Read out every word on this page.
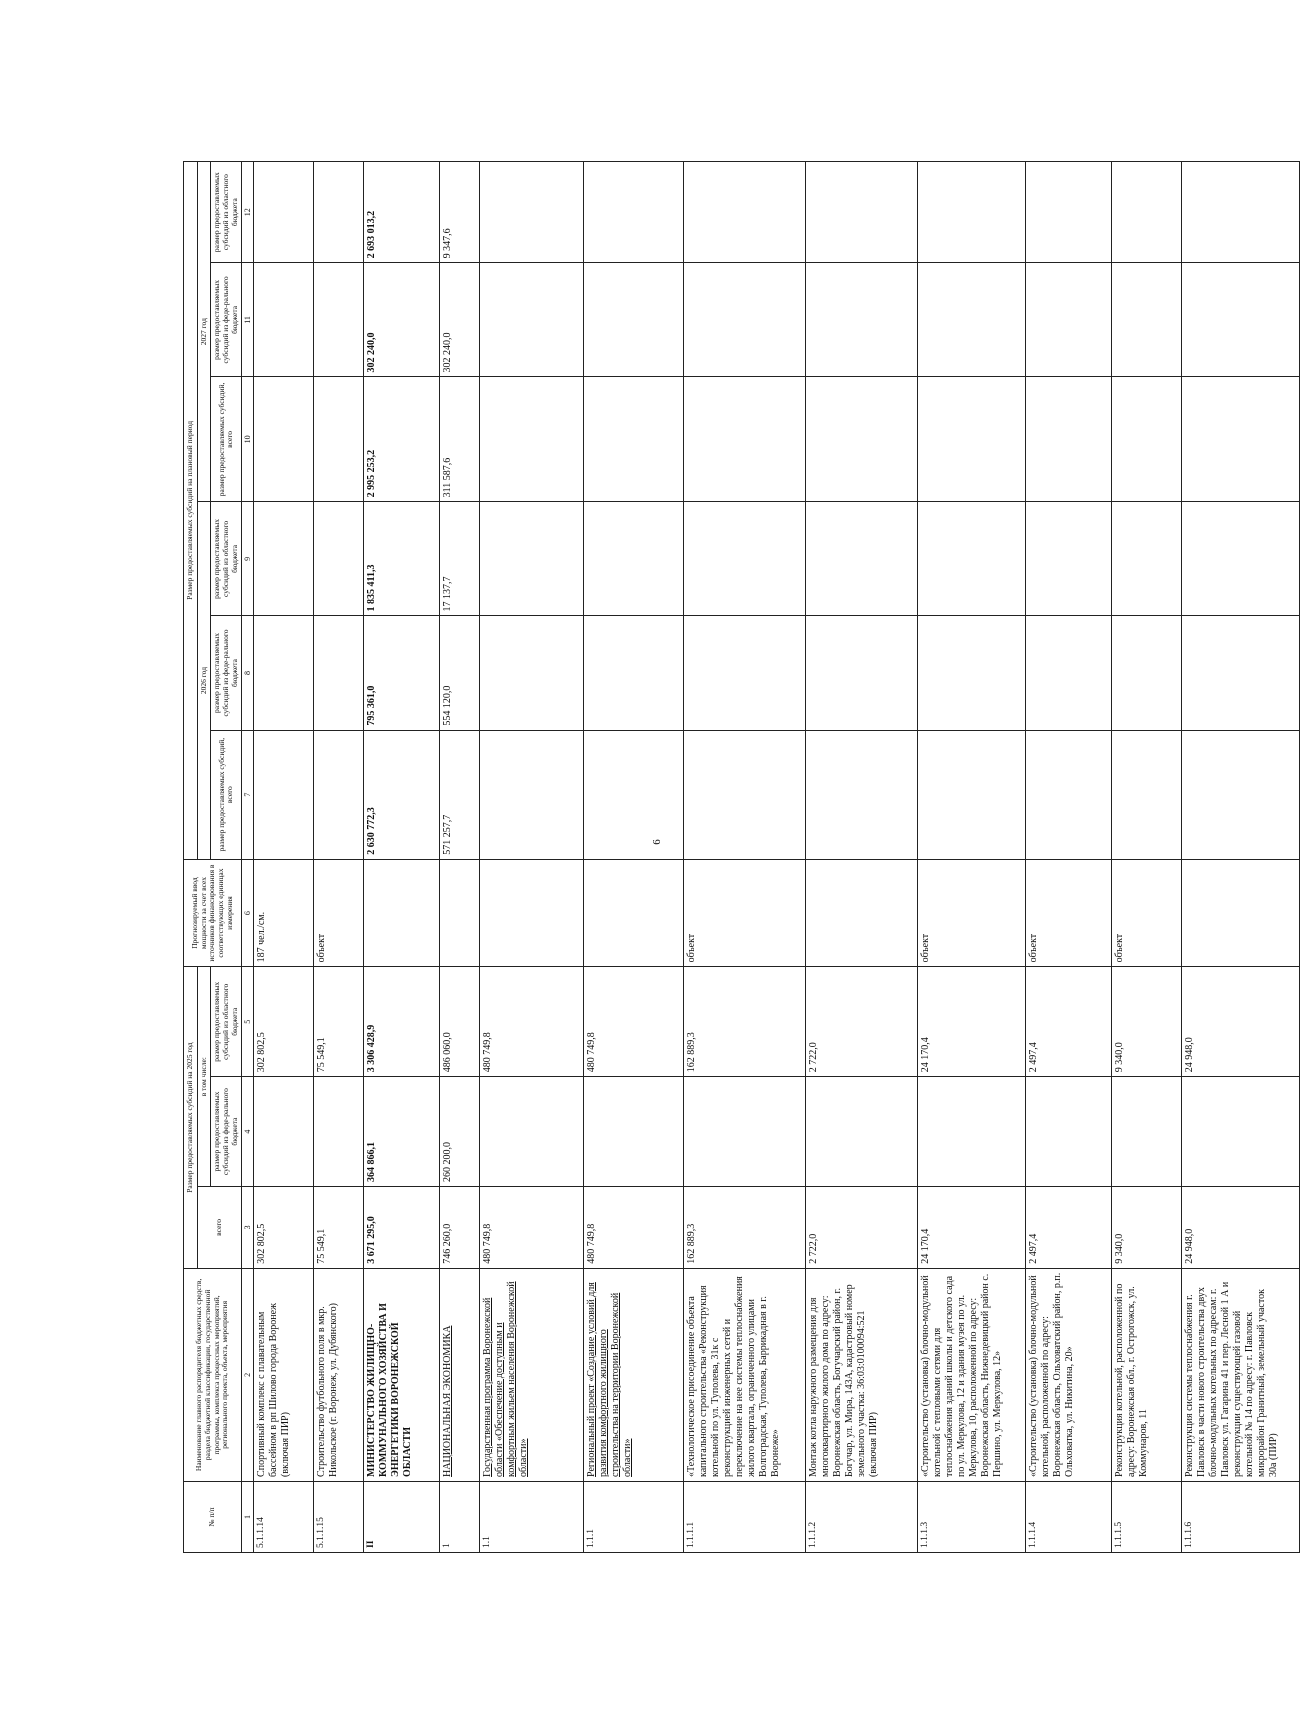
6
№ п/п	Наименование главного распорядителя бюджетных средств, раздела бюджетной классификации, государственной программы, комплекса процессных мероприятий, регионального проекта, объекта, мероприятия	Размер предоставляемых субсидий на 2025 год			Прогнозируемый ввод мощности за счет всех источников финансирования в соответствующих единицах измерения	Размер предоставляемых субсидий на плановый период					
		всего	в том числе:			2026 год			2027 год		
						размер предоставляемых субсидий, всего	размер предоставляемых субсидий из феде-рального бюджета	размер предоставляемых субсидий из областного бюджета	размер предоставляемых субсидий, всего	размер предоставляемых субсидий из феде-рального бюджета	размер предоставляемых субсидий из областного бюджета
			размер предоставляемых субсидий из феде-рального бюджета	размер предоставляемых субсидий из областного бюджета							
1	2	3	4	5	6	7	8	9	10	11	12
5.1.1.14	Спортивный комплекс с плавательным бассейном в рп Шилово города Воронеж (включая ПИР)	302 802,5		302 802,5	187 чел./см.						
5.1.1.15	Строительство футбольного поля в мкр. Никольское (г. Воронеж, ул. Дубянского)	75 549,1		75 549,1	объект						
II	МИНИСТЕРСТВО ЖИЛИЩНО-КОММУНАЛЬНОГО ХОЗЯЙСТВА И ЭНЕРГЕТИКИ ВОРОНЕЖСКОЙ ОБЛАСТИ	3 671 295,0	364 866,1	3 306 428,9		2 630 772,3	795 361,0	1 835 411,3	2 995 253,2	302 240,0	2 693 013,2
1	НАЦИОНАЛЬНАЯ ЭКОНОМИКА	746 260,0	260 200,0	486 060,0		571 257,7	554 120,0	17 137,7	311 587,6	302 240,0	9 347,6
1.1	Государственная программа Воронежской области «Обеспечение доступным и комфортным жильем населения Воронежской области»	480 749,8		480 749,8							
1.1.1	Региональный проект «Создание условий для развития комфортного жилищного строительства на территории Воронежской области»	480 749,8		480 749,8							
1.1.1.1	«Технологическое присоединение объекта капитального строительства «Реконструкция котельной по ул. Туполева, 31к с реконструкцией инженерных сетей и переключение на нее системы теплоснабжения жилого квартала, ограниченного улицами Волгоградская, Туполева, Баррикадная в г. Воронеже»	162 889,3		162 889,3	объект						
1.1.1.2	Монтаж котла наружного размещения для многоквартирного жилого дома по адресу: Воронежская область, Богучарский район, г. Богучар, ул. Мира, 143А, кадастровый номер земельного участка: 36:03:0100094:521 (включая ПИР)	2 722,0		2 722,0							
1.1.1.3	«Строительство (установка) блочно-модульной котельной с тепловыми сетями для теплоснабжения зданий школы и детского сада по ул. Меркулова, 12 и здания музея по ул. Меркулова, 10, расположенной по адресу: Воронежская область, Нижнедевицкий район с. Першино, ул. Меркулова, 12»	24 170,4		24 170,4	объект						
1.1.1.4	«Строительство (установка) блочно-модульной котельной, расположенной по адресу: Воронежская область, Ольховатский район, р.п. Ольховатка, ул. Никитина, 20»	2 497,4		2 497,4	объект						
1.1.1.5	Реконструкция котельной, расположенной по адресу: Воронежская обл., г. Острогожск, ул. Коммунаров, 11	9 340,0		9 340,0	объект						
1.1.1.6	Реконструкция системы теплоснабжения г. Павловск в части нового строительства двух блочно-модульных котельных по адресам: г. Павловск ул. Гагарина 41 и пер. Лесной 1 А и реконструкции существующей газовой котельной № 14 по адресу: г. Павловск микрорайон Гранитный, земельный участок 30а (ПИР)	24 948,0		24 948,0							
